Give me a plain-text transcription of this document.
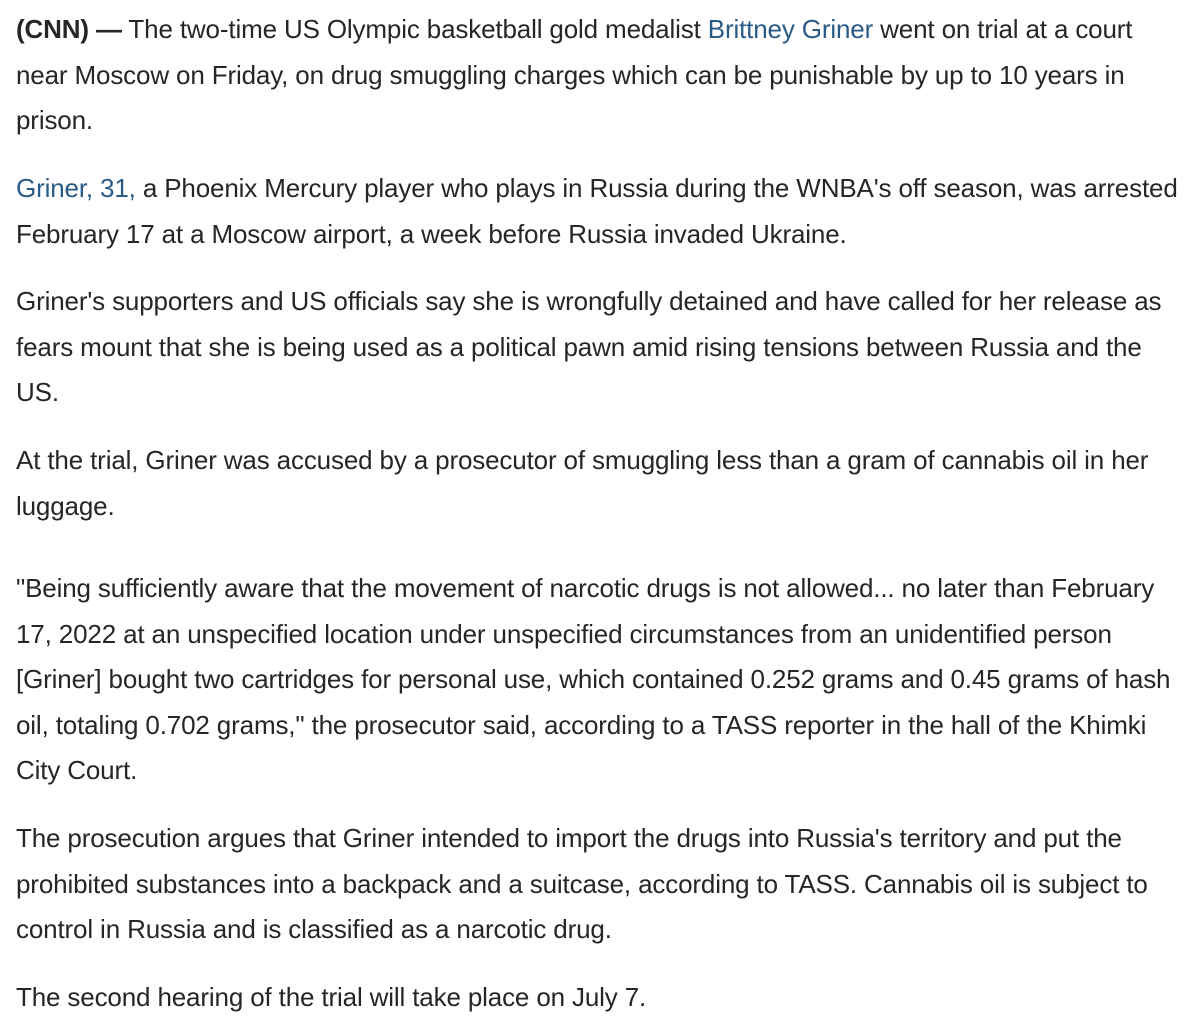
(CNN) — The two-time US Olympic basketball gold medalist Brittney Griner went on trial at a court near Moscow on Friday, on drug smuggling charges which can be punishable by up to 10 years in prison.

Griner, 31, a Phoenix Mercury player who plays in Russia during the WNBA's off season, was arrested February 17 at a Moscow airport, a week before Russia invaded Ukraine.

Griner's supporters and US officials say she is wrongfully detained and have called for her release as fears mount that she is being used as a political pawn amid rising tensions between Russia and the US.

At the trial, Griner was accused by a prosecutor of smuggling less than a gram of cannabis oil in her luggage.

"Being sufficiently aware that the movement of narcotic drugs is not allowed... no later than February 17, 2022 at an unspecified location under unspecified circumstances from an unidentified person [Griner] bought two cartridges for personal use, which contained 0.252 grams and 0.45 grams of hash oil, totaling 0.702 grams," the prosecutor said, according to a TASS reporter in the hall of the Khimki City Court.

The prosecution argues that Griner intended to import the drugs into Russia's territory and put the prohibited substances into a backpack and a suitcase, according to TASS. Cannabis oil is subject to control in Russia and is classified as a narcotic drug.

The second hearing of the trial will take place on July 7.
